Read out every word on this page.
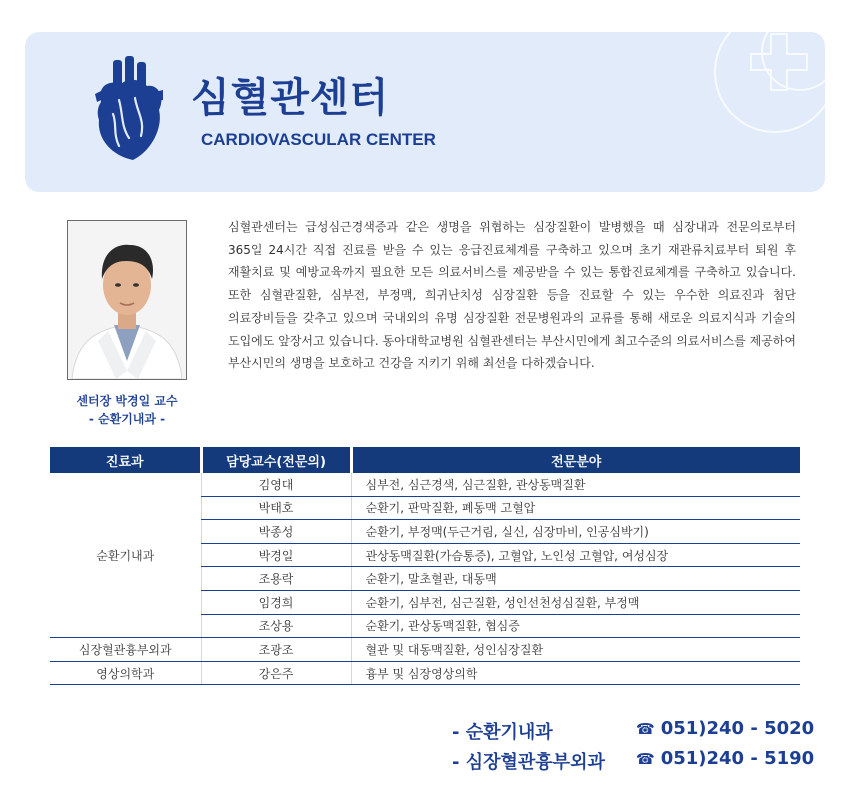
심혈관센터
CARDIOVASCULAR CENTER
센터장 박경일 교수
- 순환기내과 -

심혈관센터는 급성심근경색증과 같은 생명을 위협하는 심장질환이 발병했을 때 심장내과 전문의로부터 365일 24시간 직접 진료를 받을 수 있는 응급진료체계를 구축하고 있으며 초기 재관류치료부터 퇴원 후 재활치료 및 예방교육까지 필요한 모든 의료서비스를 제공받을 수 있는 통합진료체계를 구축하고 있습니다. 또한 심혈관질환, 심부전, 부정맥, 희귀난치성 심장질환 등을 진료할 수 있는 우수한 의료진과 첨단 의료장비들을 갖추고 있으며 국내외의 유명 심장질환 전문병원과의 교류를 통해 새로운 의료지식과 기술의 도입에도 앞장서고 있습니다. 동아대학교병원 심혈관센터는 부산시민에게 최고수준의 의료서비스를 제공하여 부산시민의 생명을 보호하고 건강을 지키기 위해 최선을 다하겠습니다.

진료과	담당교수(전문의)	전문분야
순환기내과	김영대	심부전, 심근경색, 심근질환, 관상동맥질환
	박태호	순환기, 판막질환, 폐동맥 고혈압
	박종성	순환기, 부정맥(두근거림, 실신, 심장마비, 인공심박기)
	박경일	관상동맥질환(가슴통증), 고혈압, 노인성 고혈압, 여성심장
	조용락	순환기, 말초혈관, 대동맥
	임경희	순환기, 심부전, 심근질환, 성인선천성심질환, 부정맥
	조상용	순환기, 관상동맥질환, 협심증
심장혈관흉부외과	조광조	혈관 및 대동맥질환, 성인심장질환
영상의학과	강은주	흉부 및 심장영상의학
- 순환기내과	☎ 051)240 - 5020
- 심장혈관흉부외과 ☎ 051)240 - 5190
